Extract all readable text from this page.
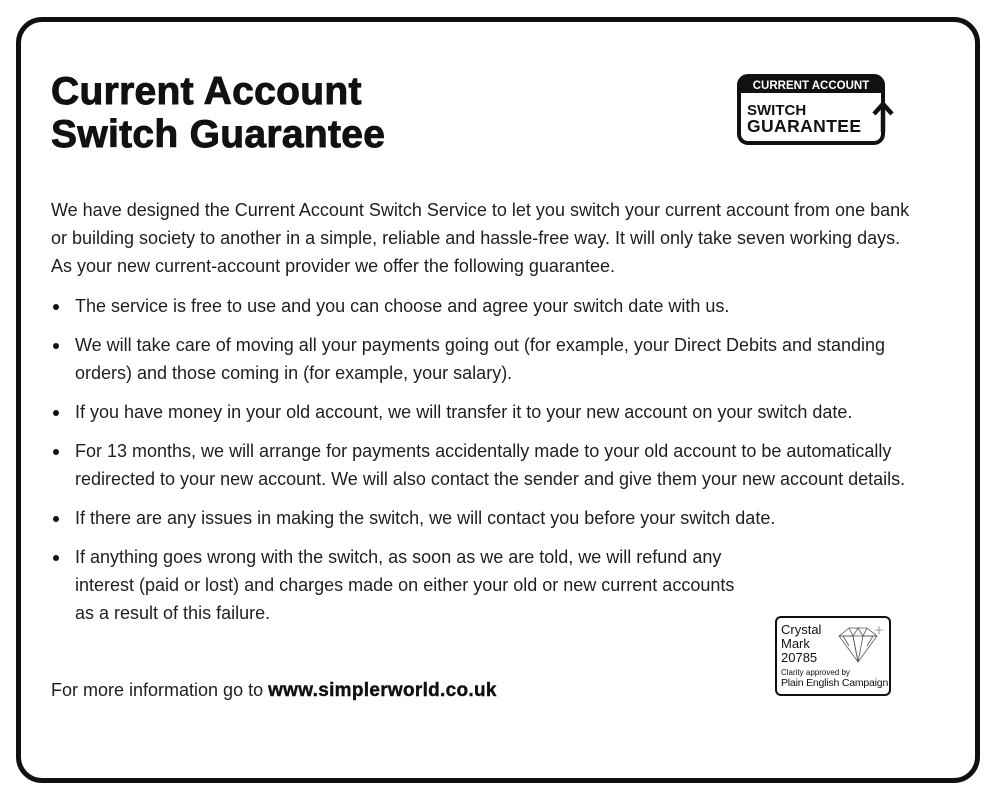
Current Account
Switch Guarantee
CURRENT ACCOUNT
SWITCH
GUARANTEE

We have designed the Current Account Switch Service to let you switch your current account from one bank or building society to another in a simple, reliable and hassle-free way. It will only take seven working days. As your new current-account provider we offer the following guarantee.

The service is free to use and you can choose and agree your switch date with us.
We will take care of moving all your payments going out (for example, your Direct Debits and standing orders) and those coming in (for example, your salary).
If you have money in your old account, we will transfer it to your new account on your switch date.
For 13 months, we will arrange for payments accidentally made to your old account to be automatically redirected to your new account. We will also contact the sender and give them your new account details.
If there are any issues in making the switch, we will contact you before your switch date.
If anything goes wrong with the switch, as soon as we are told, we will refund any interest (paid or lost) and charges made on either your old or new current accounts as a result of this failure.

For more information go to www.simplerworld.co.uk

Crystal
Mark
20785
Clarity approved by
Plain English Campaign
